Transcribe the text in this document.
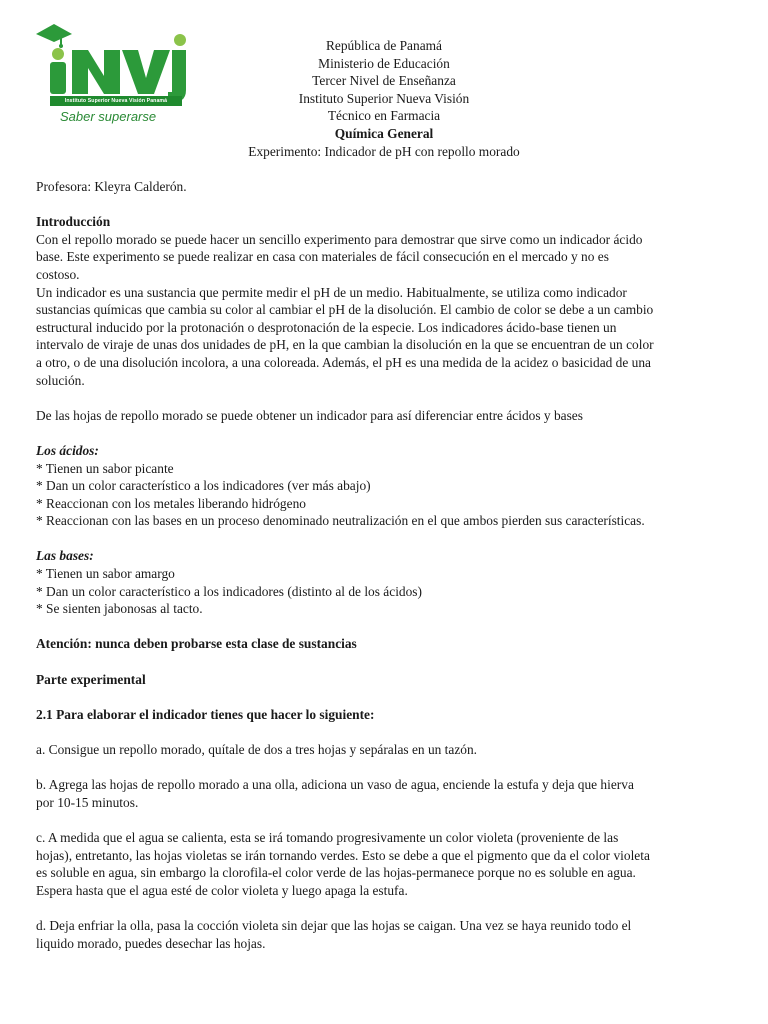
Instituto Superior Nueva Visión Panamá
Saber superarse
República de Panamá
Ministerio de Educación
Tercer Nivel de Enseñanza
Instituto Superior Nueva Visión
Técnico en Farmacia
Química General
Experimento: Indicador de pH con repollo morado

Profesora: Kleyra Calderón.

Introducción

Con el repollo morado se puede hacer un sencillo experimento para demostrar que sirve como un indicador ácido

base. Este experimento se puede realizar en casa con materiales de fácil consecución en el mercado y no es

costoso.

Un indicador es una sustancia que permite medir el pH de un medio. Habitualmente, se utiliza como indicador

sustancias químicas que cambia su color al cambiar el pH de la disolución. El cambio de color se debe a un cambio

estructural inducido por la protonación o desprotonación de la especie. Los indicadores ácido-base tienen un

intervalo de viraje de unas dos unidades de pH, en la que cambian la disolución en la que se encuentran de un color

a otro, o de una disolución incolora, a una coloreada. Además, el pH es una medida de la acidez o basicidad de una

solución.

De las hojas de repollo morado se puede obtener un indicador para así diferenciar entre ácidos y bases

Los ácidos:

* Tienen un sabor picante

* Dan un color característico a los indicadores (ver más abajo)

* Reaccionan con los metales liberando hidrógeno

* Reaccionan con las bases en un proceso denominado neutralización en el que ambos pierden sus características.

Las bases:

* Tienen un sabor amargo

* Dan un color característico a los indicadores (distinto al de los ácidos)

* Se sienten jabonosas al tacto.

Atención: nunca deben probarse esta clase de sustancias

Parte experimental

2.1 Para elaborar el indicador tienes que hacer lo siguiente:

a. Consigue un repollo morado, quítale de dos a tres hojas y sepáralas en un tazón.

b. Agrega las hojas de repollo morado a una olla, adiciona un vaso de agua, enciende la estufa y deja que hierva

por 10-15 minutos.

c. A medida que el agua se calienta, esta se irá tomando progresivamente un color violeta (proveniente de las

hojas), entretanto, las hojas violetas se irán tornando verdes. Esto se debe a que el pigmento que da el color violeta

es soluble en agua, sin embargo la clorofila-el color verde de las hojas-permanece porque no es soluble en agua.

Espera hasta que el agua esté de color violeta y luego apaga la estufa.

d. Deja enfriar la olla, pasa la cocción violeta sin dejar que las hojas se caigan. Una vez se haya reunido todo el

liquido morado, puedes desechar las hojas.
